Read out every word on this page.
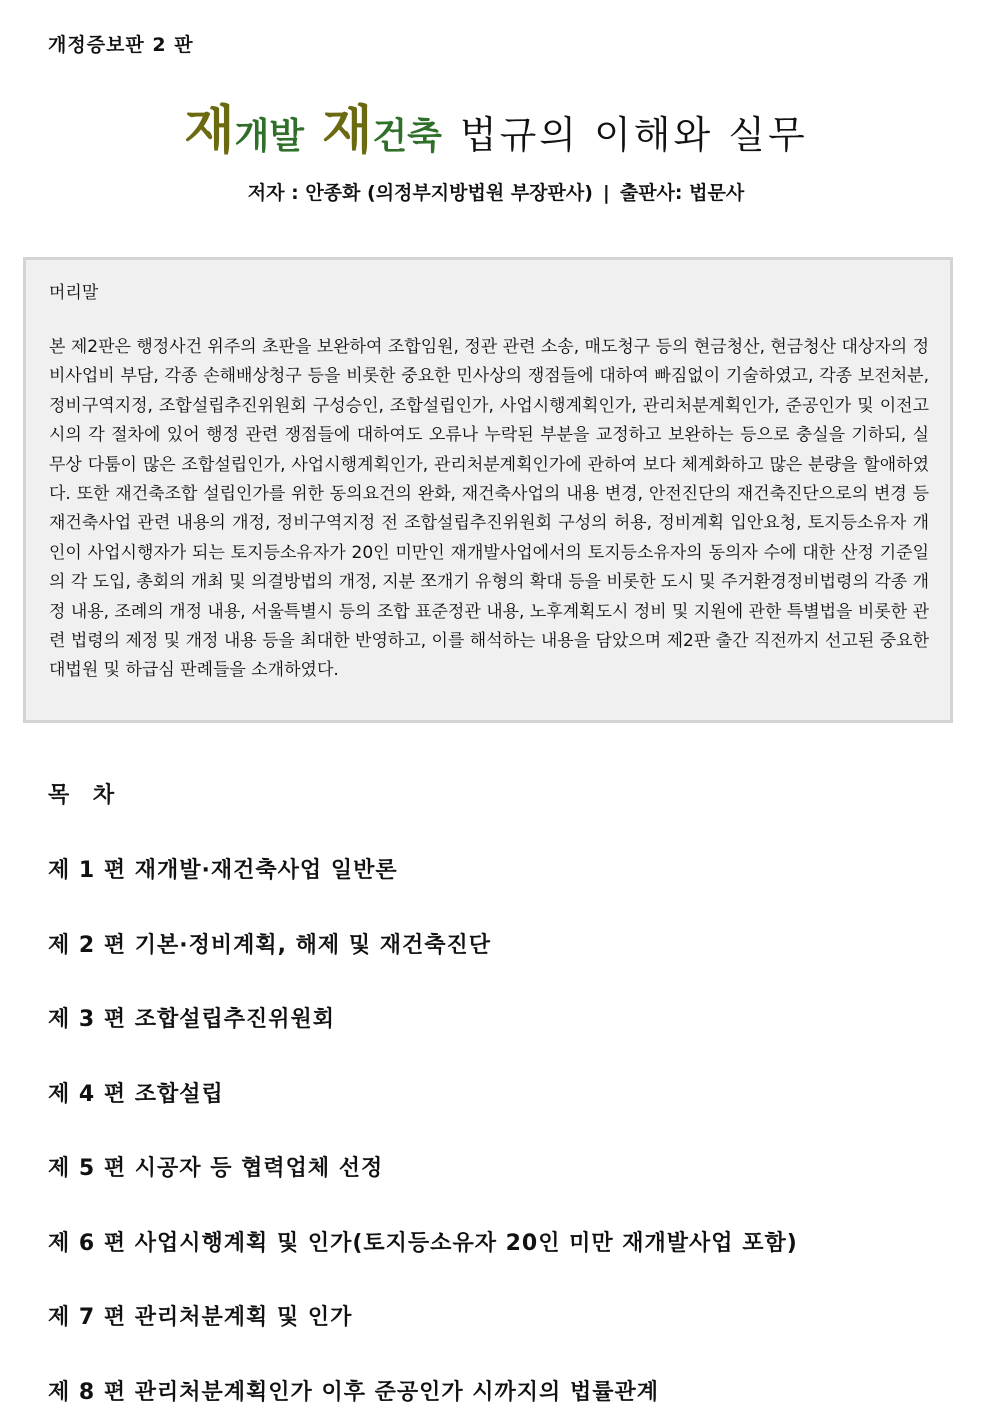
개정증보판 2 판
재개발 재건축 법규의 이해와 실무
저자 : 안종화 (의정부지방법원 부장판사) | 출판사: 법문사
머리말
본 제2판은 행정사건 위주의 초판을 보완하여 조합임원, 정관 관련 소송, 매도청구 등의 현금청산, 현금청산 대상자의 정비사업비 부담, 각종 손해배상청구 등을 비롯한 중요한 민사상의 쟁점들에 대하여 빠짐없이 기술하였고, 각종 보전처분, 정비구역지정, 조합설립추진위원회 구성승인, 조합설립인가, 사업시행계획인가, 관리처분계획인가, 준공인가 및 이전고시의 각 절차에 있어 행정 관련 쟁점들에 대하여도 오류나 누락된 부분을 교정하고 보완하는 등으로 충실을 기하되, 실무상 다툼이 많은 조합설립인가, 사업시행계획인가, 관리처분계획인가에 관하여 보다 체계화하고 많은 분량을 할애하였다. 또한 재건축조합 설립인가를 위한 동의요건의 완화, 재건축사업의 내용 변경, 안전진단의 재건축진단으로의 변경 등 재건축사업 관련 내용의 개정, 정비구역지정 전 조합설립추진위원회 구성의 허용, 정비계획 입안요청, 토지등소유자 개인이 사업시행자가 되는 토지등소유자가 20인 미만인 재개발사업에서의 토지등소유자의 동의자 수에 대한 산정 기준일의 각 도입, 총회의 개최 및 의결방법의 개정, 지분 쪼개기 유형의 확대 등을 비롯한 도시 및 주거환경정비법령의 각종 개정 내용, 조례의 개정 내용, 서울특별시 등의 조합 표준정관 내용, 노후계획도시 정비 및 지원에 관한 특별법을 비롯한 관련 법령의 제정 및 개정 내용 등을 최대한 반영하고, 이를 해석하는 내용을 담았으며 제2판 출간 직전까지 선고된 중요한 대법원 및 하급심 판례들을 소개하였다.
목 차
제 1 편 재개발·재건축사업 일반론
제 2 편 기본·정비계획, 해제 및 재건축진단
제 3 편 조합설립추진위원회
제 4 편 조합설립
제 5 편 시공자 등 협력업체 선정
제 6 편 사업시행계획 및 인가(토지등소유자 20인 미만 재개발사업 포함)
제 7 편 관리처분계획 및 인가
제 8 편 관리처분계획인가 이후 준공인가 시까지의 법률관계
